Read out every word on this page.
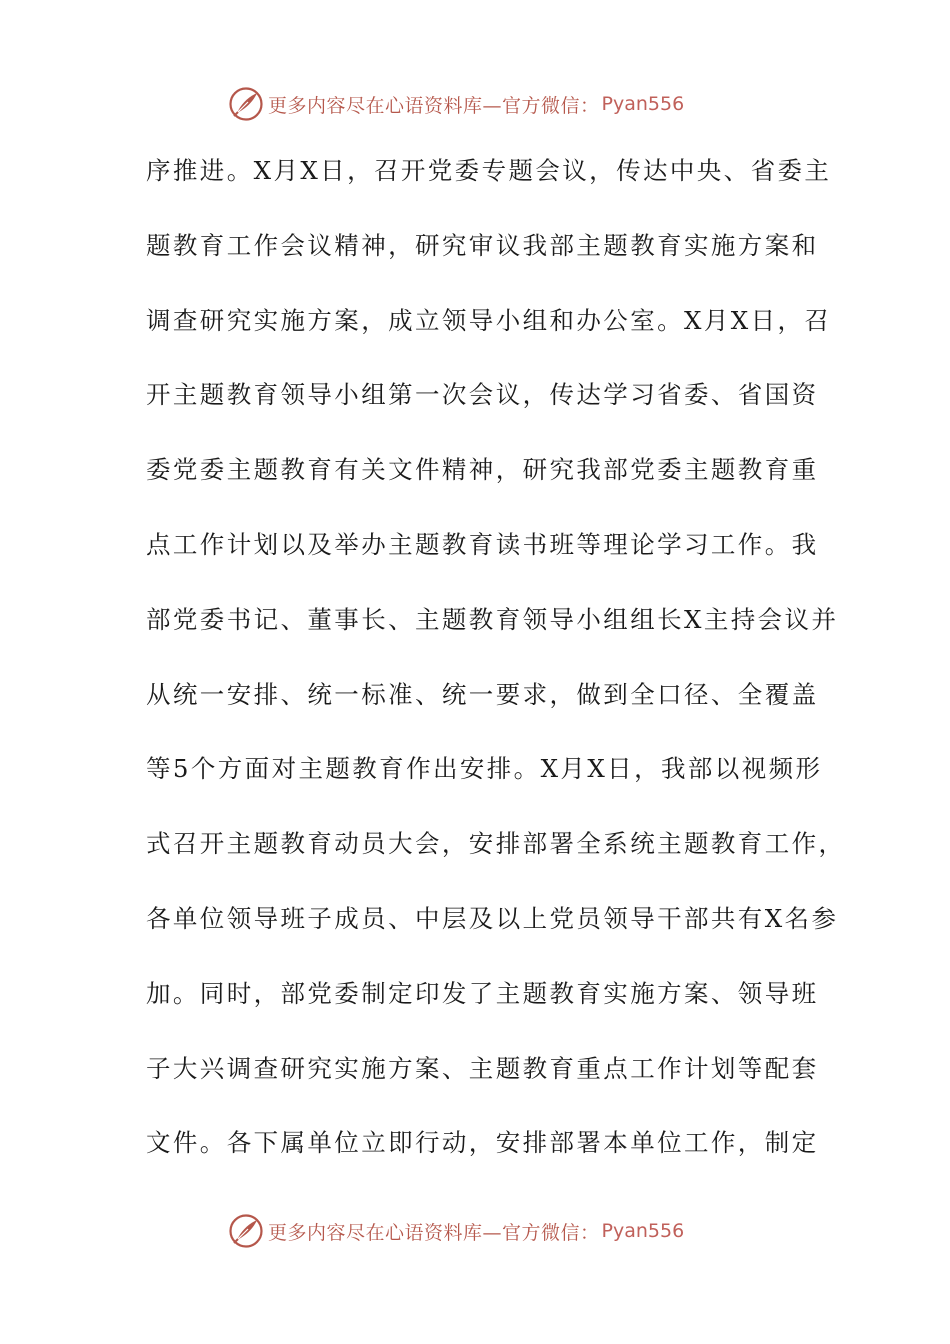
更多内容尽在心语资料库—官方微信： Pyan556
序推进。X月X日，召开党委专题会议，传达中央、省委主
题教育工作会议精神，研究审议我部主题教育实施方案和
调查研究实施方案，成立领导小组和办公室。X月X日，召
开主题教育领导小组第一次会议，传达学习省委、省国资
委党委主题教育有关文件精神，研究我部党委主题教育重
点工作计划以及举办主题教育读书班等理论学习工作。我
部党委书记、董事长、主题教育领导小组组长X主持会议并
从统一安排、统一标准、统一要求，做到全口径、全覆盖
等5个方面对主题教育作出安排。X月X日，我部以视频形
式召开主题教育动员大会，安排部署全系统主题教育工作，
各单位领导班子成员、中层及以上党员领导干部共有X名参
加。同时，部党委制定印发了主题教育实施方案、领导班
子大兴调查研究实施方案、主题教育重点工作计划等配套
文件。各下属单位立即行动，安排部署本单位工作，制定
更多内容尽在心语资料库—官方微信： Pyan556
